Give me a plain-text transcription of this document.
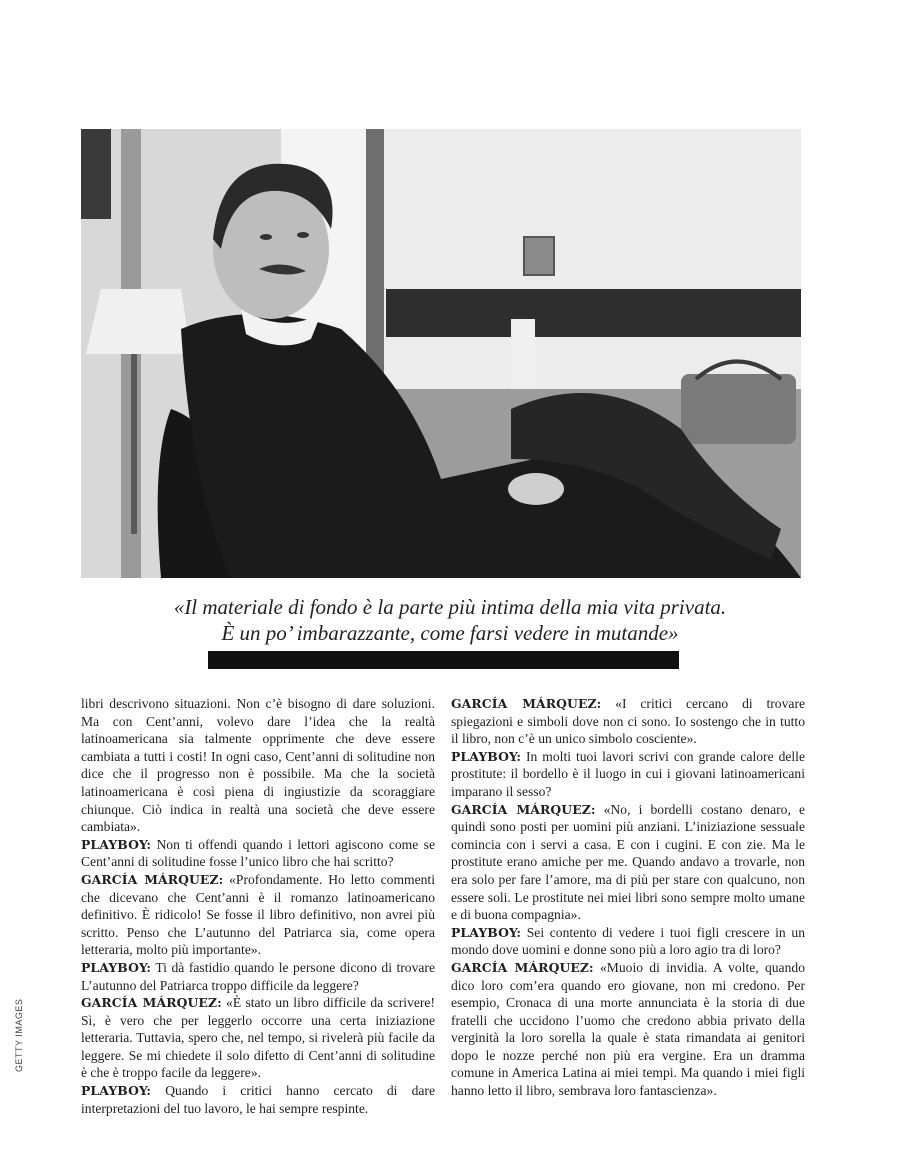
«Il materiale di fondo è la parte più intima della mia vita privata.
È un po’ imbarazzante, come farsi vedere in mutande»
GETTY IMAGES

libri descrivono situazioni. Non c’è bisogno di dare soluzioni. Ma con Cent’anni, volevo dare l’idea che la realtà latinoamericana sia talmente opprimente che deve essere cambiata a tutti i costi! In ogni caso, Cent’anni di solitudine non dice che il progresso non è possibile. Ma che la società latinoamericana è così piena di ingiustizie da scoraggiare chiunque. Ciò indica in realtà una società che deve essere cambiata».

PLAYBOY: Non ti offendi quando i lettori agiscono come se Cent’anni di solitudine fosse l’unico libro che hai scritto?

GARCÍA MÁRQUEZ: «Profondamente. Ho letto commenti che dicevano che Cent’anni è il romanzo latinoamericano definitivo. È ridicolo! Se fosse il libro definitivo, non avrei più scritto. Penso che L’autunno del Patriarca sia, come opera letteraria, molto più importante».

PLAYBOY: Ti dà fastidio quando le persone dicono di trovare L’autunno del Patriarca troppo difficile da leggere?

GARCÍA MÁRQUEZ: «È stato un libro difficile da scrivere! Sì, è vero che per leggerlo occorre una certa iniziazione letteraria. Tuttavia, spero che, nel tempo, si rivelerà più facile da leggere. Se mi chiedete il solo difetto di Cent’anni di solitudine è che è troppo facile da leggere».

PLAYBOY: Quando i critici hanno cercato di dare interpretazioni del tuo lavoro, le hai sempre respinte.

GARCÍA MÁRQUEZ: «I critici cercano di trovare spiegazioni e simboli dove non ci sono. Io sostengo che in tutto il libro, non c’è un unico simbolo cosciente».

PLAYBOY: In molti tuoi lavori scrivi con grande calore delle prostitute: il bordello è il luogo in cui i giovani latinoamericani imparano il sesso?

GARCÍA MÁRQUEZ: «No, i bordelli costano denaro, e quindi sono posti per uomini più anziani. L’iniziazione sessuale comincia con i servi a casa. E con i cugini. E con zie. Ma le prostitute erano amiche per me. Quando andavo a trovarle, non era solo per fare l’amore, ma di più per stare con qualcuno, non essere soli. Le prostitute nei miei libri sono sempre molto umane e di buona compagnia».

PLAYBOY: Sei contento di vedere i tuoi figli crescere in un mondo dove uomini e donne sono più a loro agio tra di loro?

GARCÍA MÁRQUEZ: «Muoio di invidia. A volte, quando dico loro com’era quando ero giovane, non mi credono. Per esempio, Cronaca di una morte annunciata è la storia di due fratelli che uccidono l’uomo che credono abbia privato della verginità la loro sorella la quale è stata rimandata ai genitori dopo le nozze perché non più era vergine. Era un dramma comune in America Latina ai miei tempi. Ma quando i miei figli hanno letto il libro, sembrava loro fantascienza».
